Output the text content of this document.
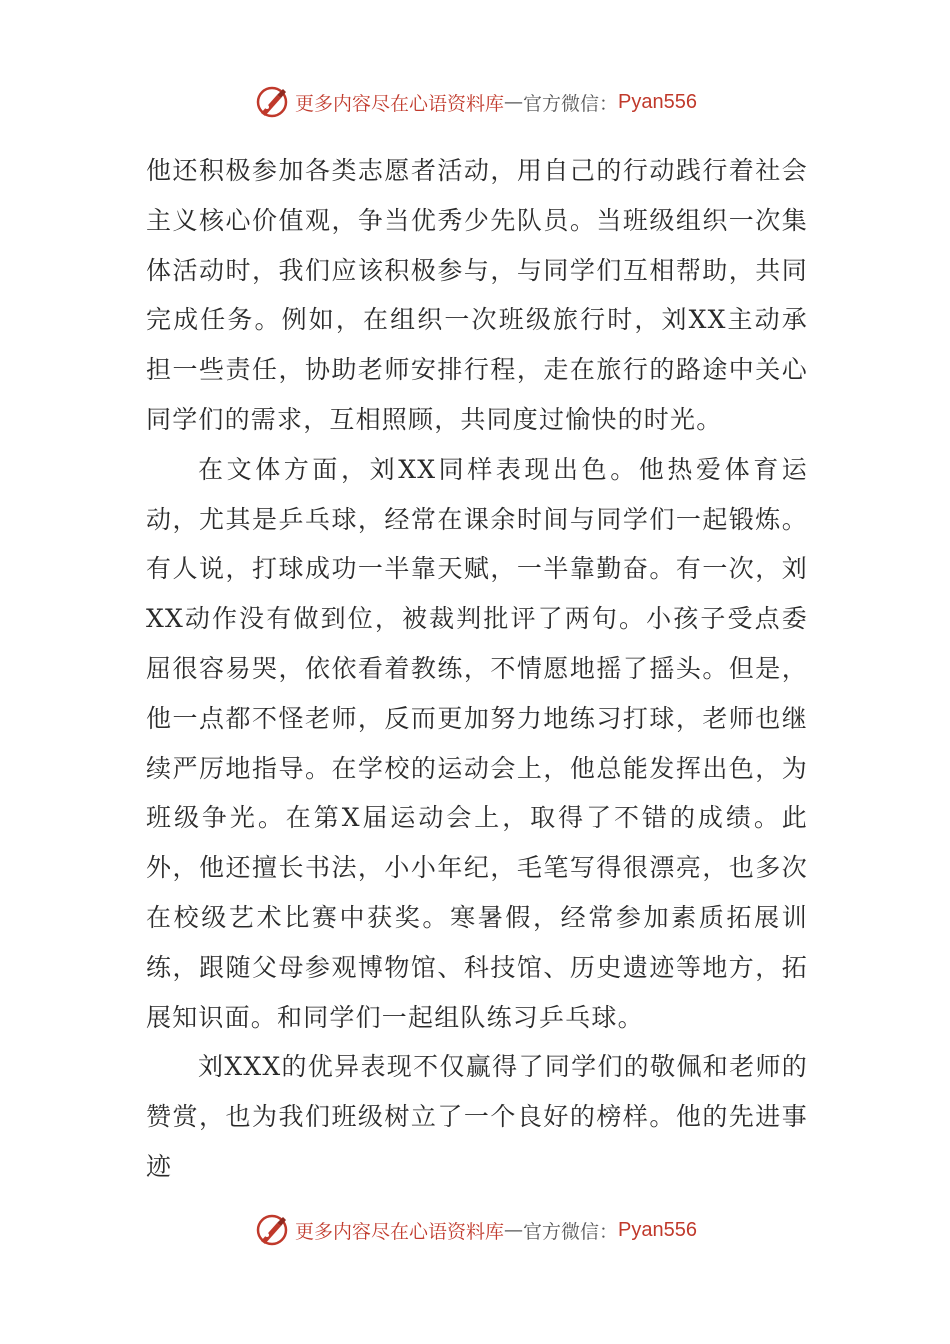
更多内容尽在心语资料库 — 官方微信： Pyan556

他还积极参加各类志愿者活动，用自己的行动践行着社会主义核心价值观，争当优秀少先队员。当班级组织一次集体活动时，我们应该积极参与，与同学们互相帮助，共同完成任务。例如，在组织一次班级旅行时，刘XX主动承担一些责任，协助老师安排行程，走在旅行的路途中关心同学们的需求，互相照顾，共同度过愉快的时光。

在文体方面，刘XX同样表现出色。他热爱体育运动，尤其是乒乓球，经常在课余时间与同学们一起锻炼。有人说，打球成功一半靠天赋，一半靠勤奋。有一次，刘XX动作没有做到位，被裁判批评了两句。小孩子受点委屈很容易哭，依依看着教练，不情愿地摇了摇头。但是，他一点都不怪老师，反而更加努力地练习打球，老师也继续严厉地指导。在学校的运动会上，他总能发挥出色，为班级争光。在第X届运动会上，取得了不错的成绩。此外，他还擅长书法，小小年纪，毛笔写得很漂亮，也多次在校级艺术比赛中获奖。寒暑假，经常参加素质拓展训练，跟随父母参观博物馆、科技馆、历史遗迹等地方，拓展知识面。和同学们一起组队练习乒乓球。

刘XXX的优异表现不仅赢得了同学们的敬佩和老师的赞赏，也为我们班级树立了一个良好的榜样。他的先进事迹

更多内容尽在心语资料库 — 官方微信： Pyan556
